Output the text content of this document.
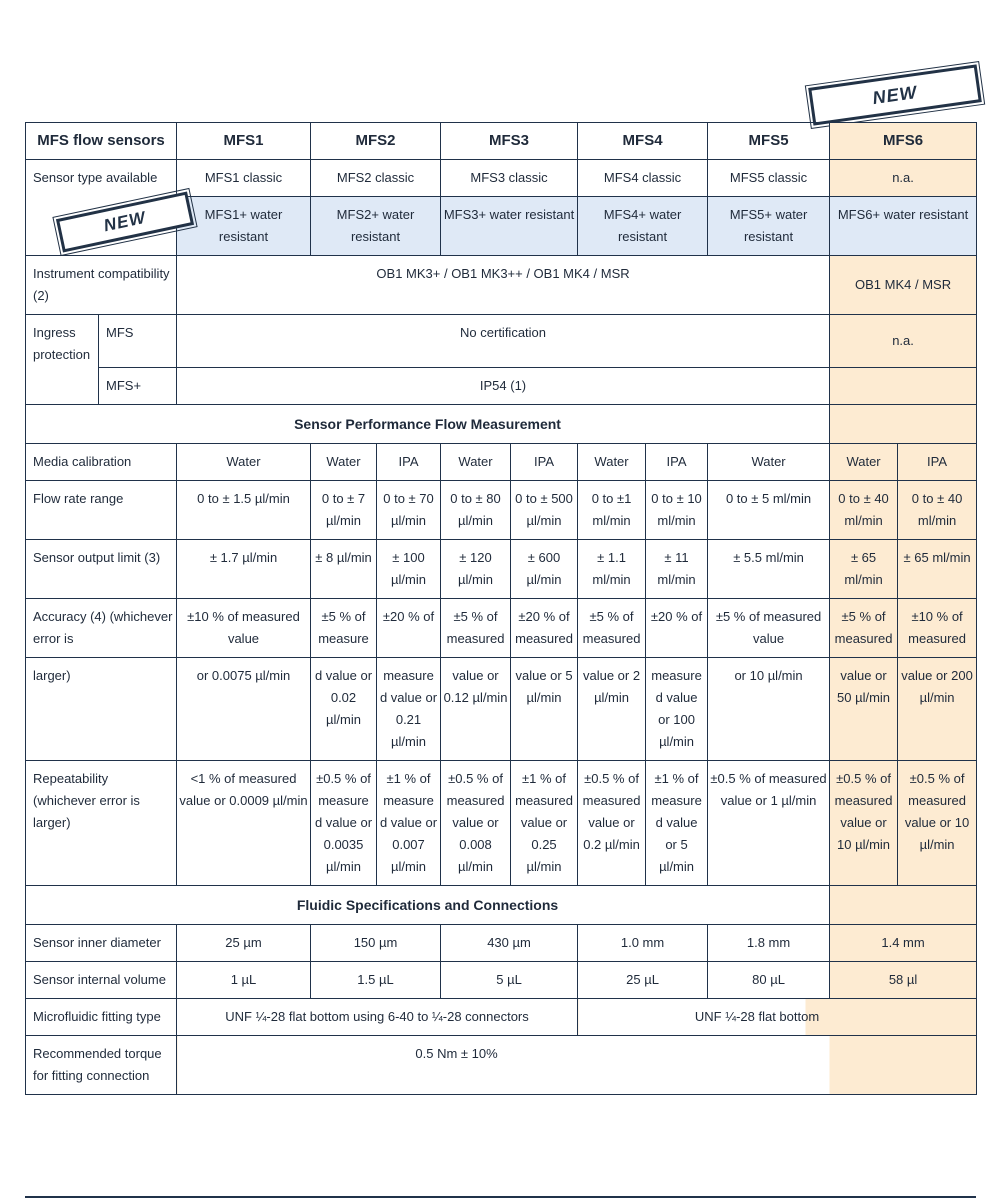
NEW
MFS flow sensors		MFS1	MFS2		MFS3		MFS4		MFS5	MFS6	
Sensor type available		MFS1 classic	MFS2 classic		MFS3 classic		MFS4 classic		MFS5 classic	n.a.	
		MFS1+ water resistant	MFS2+ water resistant		MFS3+ water resistant		MFS4+ water resistant		MFS5+ water resistant	MFS6+ water resistant	
Instrument compatibility (2)		OB1 MK3+ / OB1 MK3++ / OB1 MK4 / MSR								OB1 MK4 / MSR	
Ingress protection	MFS	No certification								n.a.	
	MFS+	IP54 (1)									
Sensor Performance Flow Measurement											
Media calibration		Water	Water	IPA	Water	IPA	Water	IPA	Water	Water	IPA
Flow rate range		0 to ± 1.5 µl/min	0 to ± 7 µl/min	0 to ± 70 µl/min	0 to ± 80 µl/min	0 to ± 500 µl/min	0 to ±1 ml/min	0 to ± 10 ml/min	0 to ± 5 ml/min	0 to ± 40 ml/min	0 to ± 40 ml/min
Sensor output limit (3)		± 1.7 µl/min	± 8 µl/min	± 100 µl/min	± 120 µl/min	± 600 µl/min	± 1.1 ml/min	± 11 ml/min	± 5.5 ml/min	± 65 ml/min	± 65 ml/min
Accuracy (4) (whichever error is		±10 % of measured value	±5 % of measure	±20 % of	±5 % of measured	±20 % of measured	±5 % of measured	±20 % of	±5 % of measured value	±5 % of measured	±10 % of measured
larger)		or 0.0075 µl/min	d value or 0.02 µl/min	measure d value or 0.21 µl/min	value or 0.12 µl/min	value or 5 µl/min	value or 2 µl/min	measure d value or 100 µl/min	or 10 µl/min	value or 50 µl/min	value or 200 µl/min
Repeatability (whichever error is larger)		<1 % of measured value or 0.0009 µl/min	±0.5 % of measure d value or 0.0035 µl/min	±1 % of measure d value or 0.007 µl/min	±0.5 % of measured value or 0.008 µl/min	±1 % of measured value or 0.25 µl/min	±0.5 % of measured value or 0.2 µl/min	±1 % of measure d value or 5 µl/min	±0.5 % of measured value or 1 µl/min	±0.5 % of measured value or 10 µl/min	±0.5 % of measured value or 10 µl/min
Fluidic Specifications and Connections											
Sensor inner diameter		25 µm	150 µm		430 µm		1.0 mm		1.8 mm	1.4 mm	
Sensor internal volume		1 µL	1.5 µL		5 µL		25 µL		80 µL	58 µl	
Microfluidic fitting type		UNF ¼-28 flat bottom using 6-40 to ¼-28 connectors					UNF ¼-28 flat bottom				
Recommended torque for fitting connection		0.5 Nm ± 10%									
NEW
